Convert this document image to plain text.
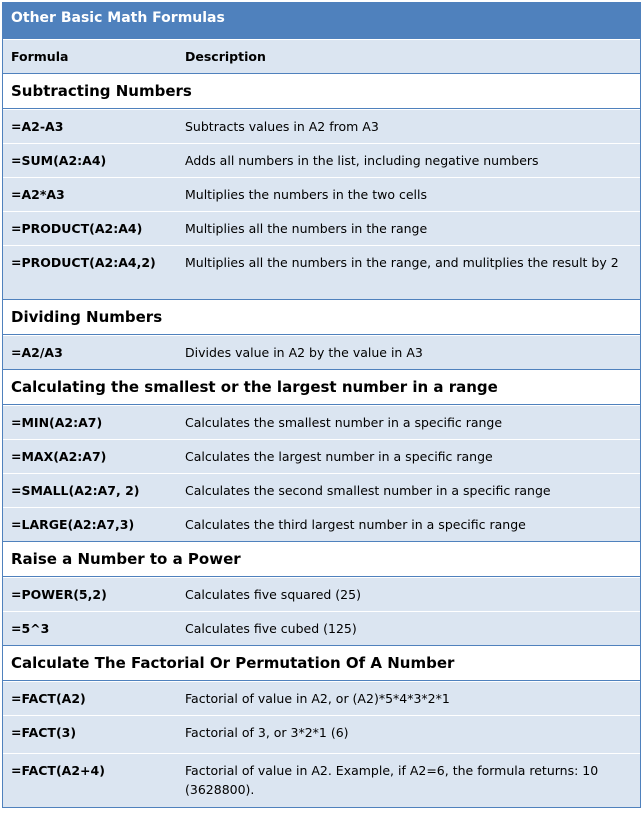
Other Basic Math Formulas
Formula	Description
Subtracting Numbers
=A2-A3	Subtracts values in A2 from A3
=SUM(A2:A4)	Adds all numbers in the list, including negative numbers
=A2*A3	Multiplies the numbers in the two cells
=PRODUCT(A2:A4)	Multiplies all the numbers in the range
=PRODUCT(A2:A4,2)	Multiplies all the numbers in the range, and mulitplies the result by 2
Dividing Numbers
=A2/A3	Divides value in A2 by the value in A3
Calculating the smallest or the largest number in a range
=MIN(A2:A7)	Calculates the smallest number in a specific range
=MAX(A2:A7)	Calculates the largest number in a specific range
=SMALL(A2:A7, 2)	Calculates the second smallest number in a specific range
=LARGE(A2:A7,3)	Calculates the third largest number in a specific range
Raise a Number to a Power
=POWER(5,2)	Calculates five squared (25)
=5^3	Calculates five cubed (125)
Calculate The Factorial Or Permutation Of A Number
=FACT(A2)	Factorial of value in A2, or (A2)*5*4*3*2*1
=FACT(3)	Factorial of 3, or 3*2*1 (6)
=FACT(A2+4)	Factorial of value in A2. Example, if A2=6, the formula returns: 10 (3628800).
